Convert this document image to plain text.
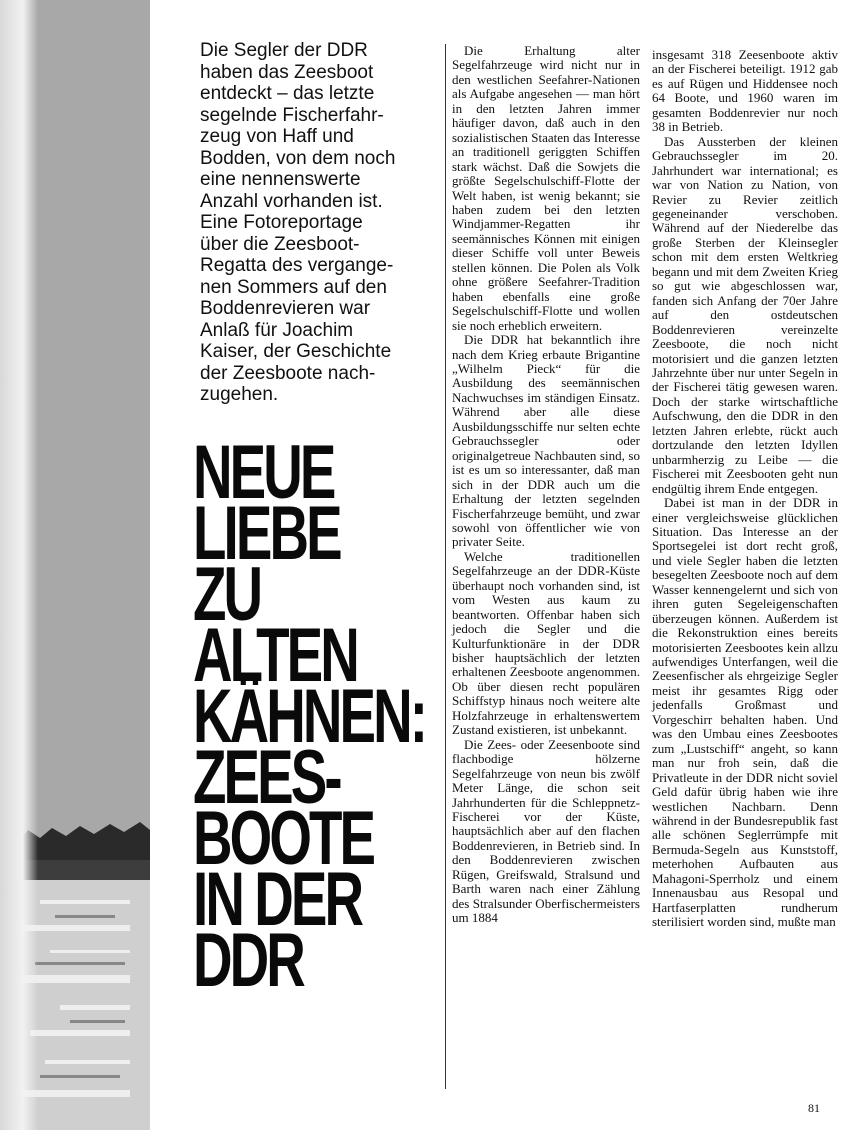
Die Segler der DDR
haben das Zeesboot
entdeckt – das letzte
segelnde Fischerfahr-
zeug von Haff und
Bodden, von dem noch
eine nennenswerte
Anzahl vorhanden ist.
Eine Fotoreportage
über die Zeesboot-
Regatta des vergange-
nen Sommers auf den
Boddenrevieren war
Anlaß für Joachim
Kaiser, der Geschichte
der Zeesboote nach-
zugehen.
NEUE
LIEBE ZU
ALTEN
KÄHNEN:
ZEES-
BOOTE
IN DER
DDR

Die Erhaltung alter Segelfahrzeuge wird nicht nur in den westlichen Seefahrer-Nationen als Aufgabe angesehen — man hört in den letzten Jahren immer häufiger davon, daß auch in den sozialistischen Staaten das Interesse an traditionell geriggten Schiffen stark wächst. Daß die Sowjets die größte Segelschulschiff-Flotte der Welt haben, ist wenig bekannt; sie haben zudem bei den letzten Windjammer-Regatten ihr seemännisches Können mit einigen dieser Schiffe voll unter Beweis stellen können. Die Polen als Volk ohne größere Seefahrer-Tradition haben ebenfalls eine große Segelschulschiff-Flotte und wollen sie noch erheblich erweitern.

Die DDR hat bekanntlich ihre nach dem Krieg erbaute Brigantine „Wilhelm Pieck“ für die Ausbildung des seemännischen Nachwuchses im ständigen Einsatz. Während aber alle diese Ausbildungsschiffe nur selten echte Gebrauchssegler oder originalgetreue Nachbauten sind, so ist es um so interessanter, daß man sich in der DDR auch um die Erhaltung der letzten segelnden Fischerfahrzeuge bemüht, und zwar sowohl von öffentlicher wie von privater Seite.

Welche traditionellen Segelfahrzeuge an der DDR-Küste überhaupt noch vorhanden sind, ist vom Westen aus kaum zu beantworten. Offenbar haben sich jedoch die Segler und die Kulturfunktionäre in der DDR bisher hauptsächlich der letzten erhaltenen Zeesboote angenommen. Ob über diesen recht populären Schiffstyp hinaus noch weitere alte Holzfahrzeuge in erhaltenswertem Zustand existieren, ist unbekannt.

Die Zees- oder Zeesenboote sind flachbodige hölzerne Segelfahrzeuge von neun bis zwölf Meter Länge, die schon seit Jahrhunderten für die Schleppnetz-Fischerei vor der Küste, hauptsächlich aber auf den flachen Boddenrevieren, in Betrieb sind. In den Boddenrevieren zwischen Rügen, Greifswald, Stralsund und Barth waren nach einer Zählung des Stralsunder Oberfischermeisters um 1884

insgesamt 318 Zeesenboote aktiv an der Fischerei beteiligt. 1912 gab es auf Rügen und Hiddensee noch 64 Boote, und 1960 waren im gesamten Boddenrevier nur noch 38 in Betrieb.

Das Aussterben der kleinen Gebrauchssegler im 20. Jahrhundert war international; es war von Nation zu Nation, von Revier zu Revier zeitlich gegeneinander verschoben. Während auf der Niederelbe das große Sterben der Kleinsegler schon mit dem ersten Weltkrieg begann und mit dem Zweiten Krieg so gut wie abgeschlossen war, fanden sich Anfang der 70er Jahre auf den ostdeutschen Boddenrevieren vereinzelte Zeesboote, die noch nicht motorisiert und die ganzen letzten Jahrzehnte über nur unter Segeln in der Fischerei tätig gewesen waren. Doch der starke wirtschaftliche Aufschwung, den die DDR in den letzten Jahren erlebte, rückt auch dortzulande den letzten Idyllen unbarmherzig zu Leibe — die Fischerei mit Zeesbooten geht nun endgültig ihrem Ende entgegen.

Dabei ist man in der DDR in einer vergleichsweise glücklichen Situation. Das Interesse an der Sportsegelei ist dort recht groß, und viele Segler haben die letzten besegelten Zeesboote noch auf dem Wasser kennengelernt und sich von ihren guten Segeleigenschaften überzeugen können. Außerdem ist die Rekonstruktion eines bereits motorisierten Zeesbootes kein allzu aufwendiges Unterfangen, weil die Zeesenfischer als ehrgeizige Segler meist ihr gesamtes Rigg oder jedenfalls Großmast und Vorgeschirr behalten haben. Und was den Umbau eines Zeesbootes zum „Lustschiff“ angeht, so kann man nur froh sein, daß die Privatleute in der DDR nicht soviel Geld dafür übrig haben wie ihre westlichen Nachbarn. Denn während in der Bundesrepublik fast alle schönen Seglerrümpfe mit Bermuda-Segeln aus Kunststoff, meterhohen Aufbauten aus Mahagoni-Sperrholz und einem Innenausbau aus Resopal und Hartfaserplatten rundherum sterilisiert worden sind, mußte man

81
